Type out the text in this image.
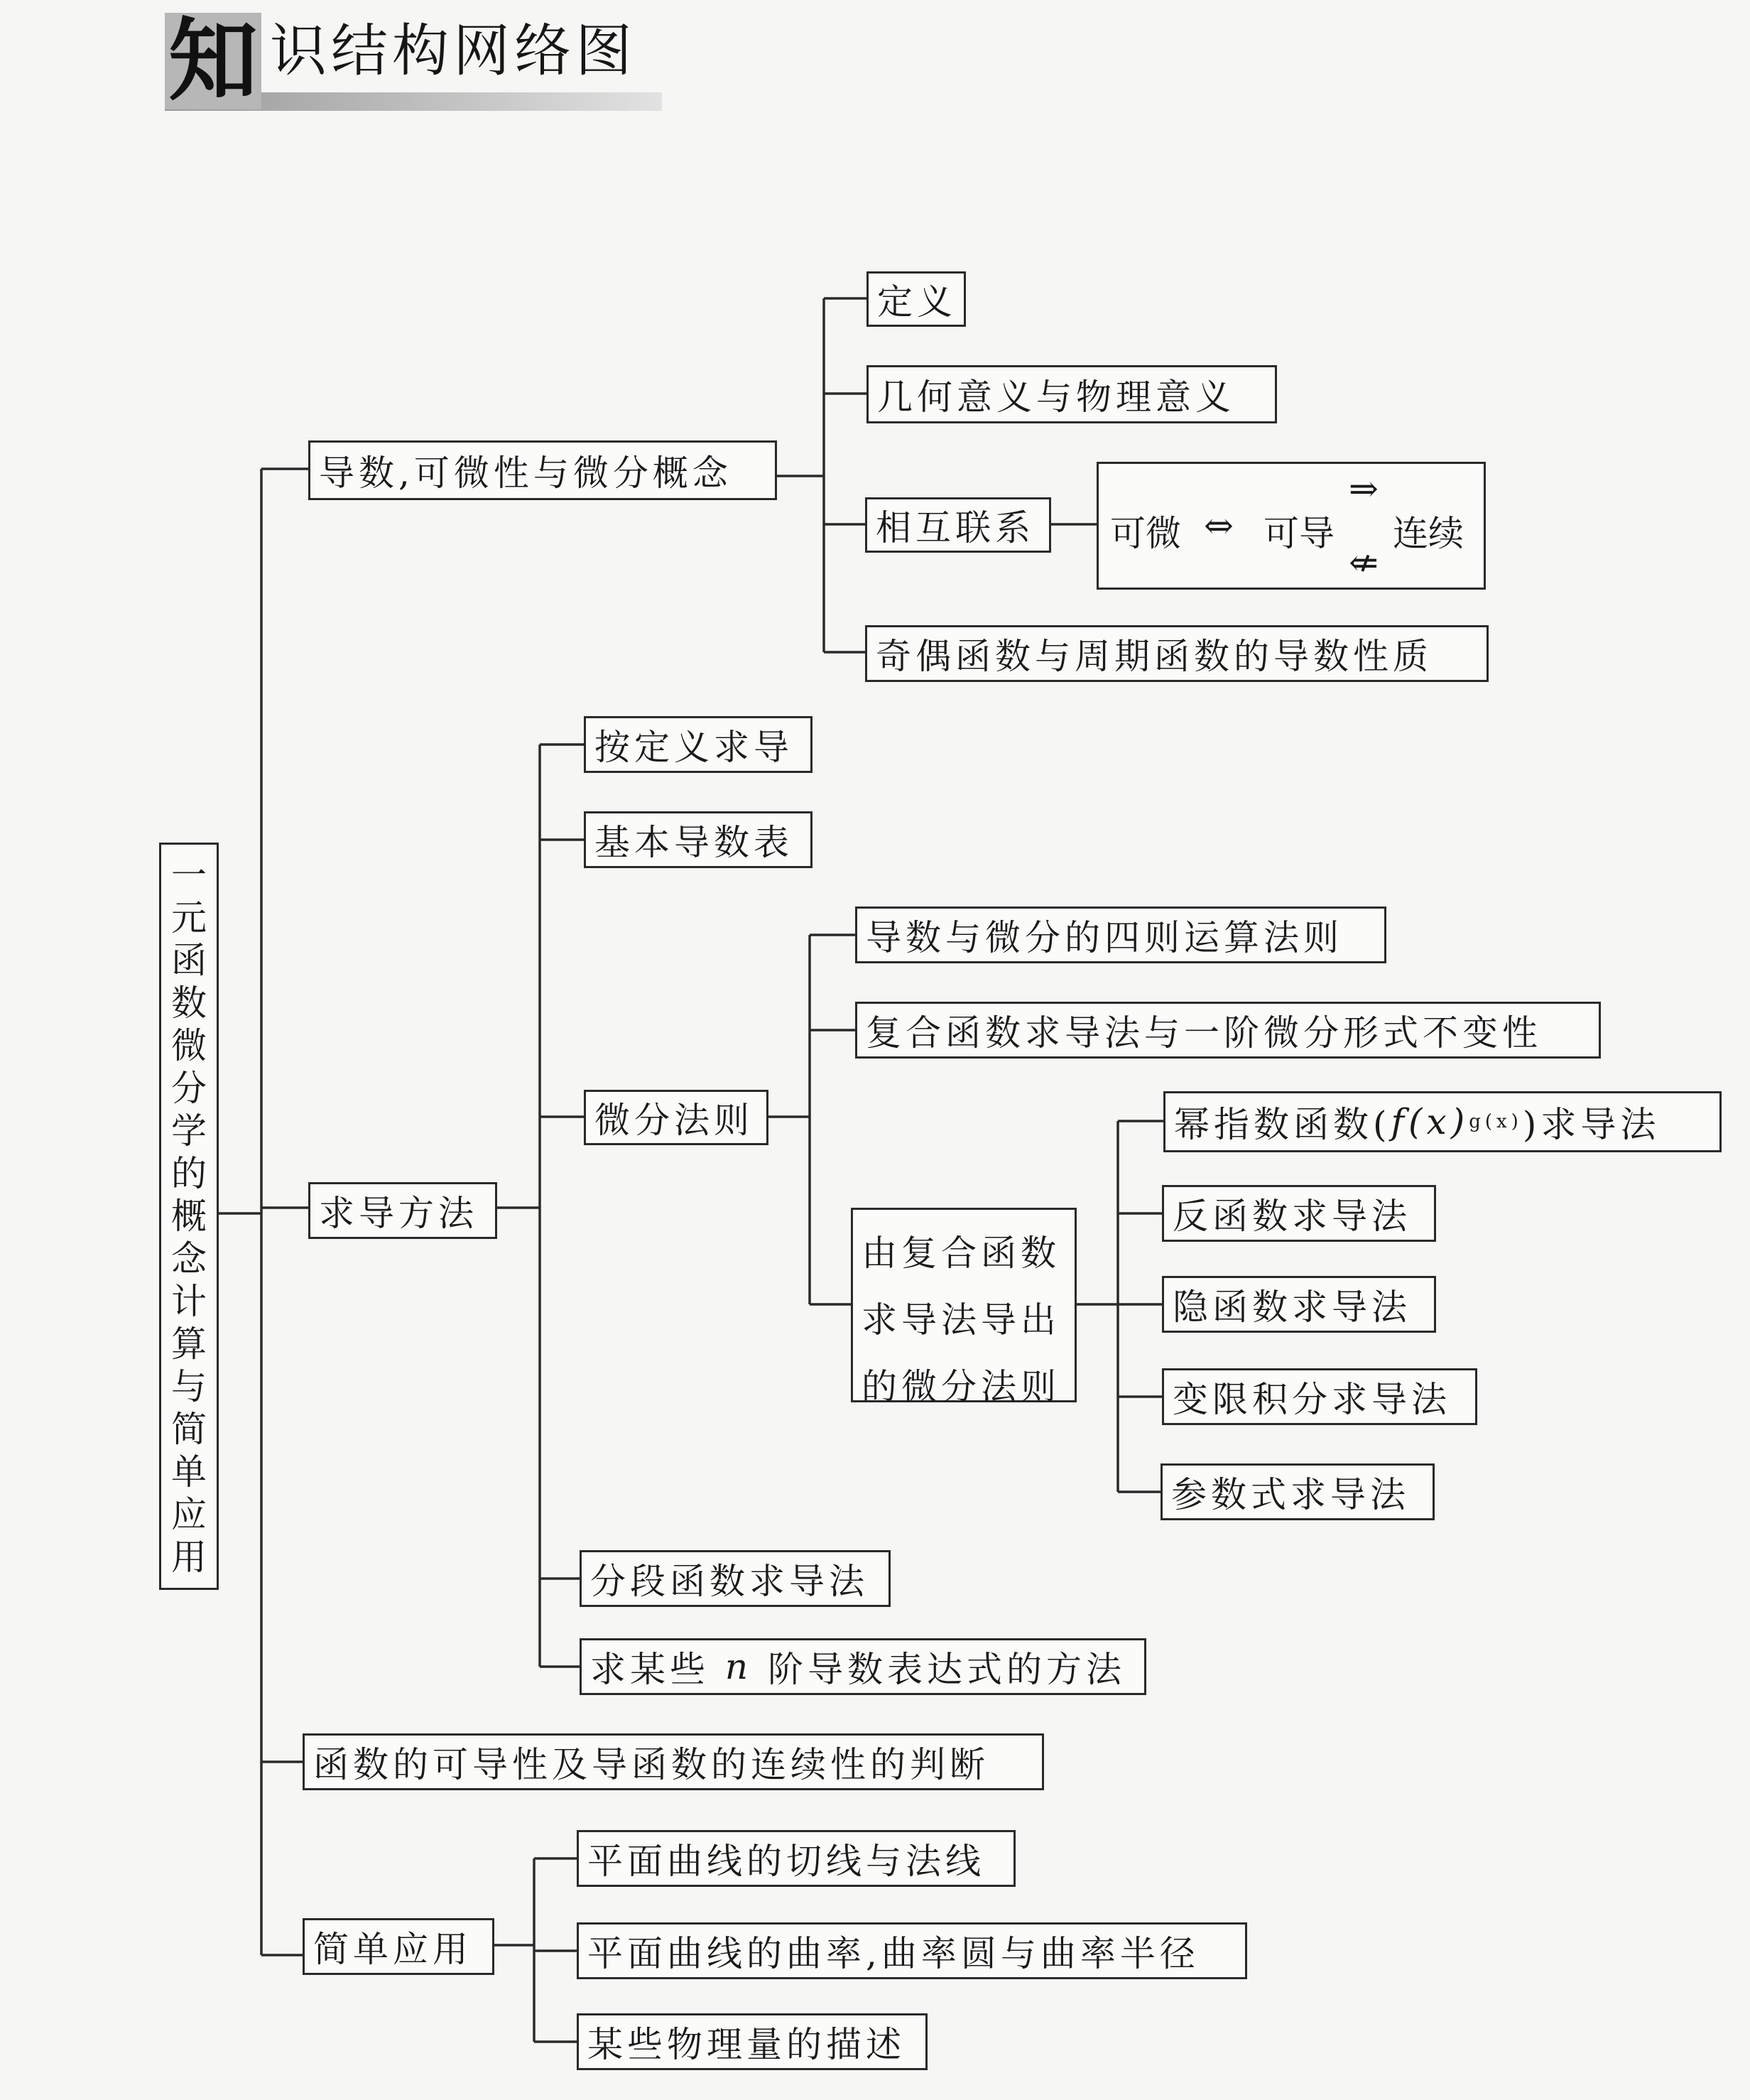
知 识结构网络图
一
元
函
数
微
分
学
的
概
念
计
算
与
简
单
应
用
导数,可微性与微分概念
定义
几何意义与物理意义
相互联系	可微 ⇔ 可导
⇒
⇍
连续
奇偶函数与周期函数的导数性质
求导方法
按定义求导
基本导数表
微分法则
导数与微分的四则运算法则
复合函数求导法与一阶微分形式不变性
由复合函数
求导法导出
的微分法则
幂指数函数( f(x) g(x) )求导法
反函数求导法
隐函数求导法
变限积分求导法
参数式求导法
分段函数求导法
求某些 n 阶导数表达式的方法
函数的可导性及导函数的连续性的判断
简单应用
平面曲线的切线与法线
平面曲线的曲率,曲率圆与曲率半径
某些物理量的描述
